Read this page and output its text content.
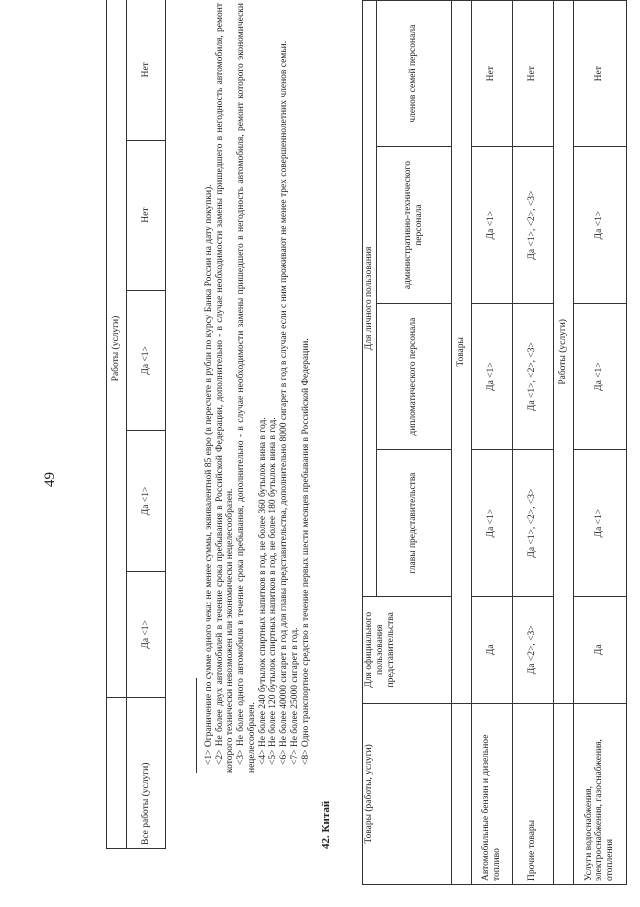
49
	Работы (услуги)				
Все работы (услуги)	Да <1>	Да <1>	Да <1>	Нет	Нет

<1> Ограничение по сумме одного чека: не менее суммы, эквивалентной 85 евро (в пересчете в рубли по курсу Банка России на дату покупки). <2> Не более двух автомобилей в течение срока пребывания в Российской Федерации, дополнительно - в случае необходимости замены пришедшего в негодность автомобиля, ремонт которого технически невозможен или экономически нецелесообразен. <3> Не более одного автомобиля в течение срока пребывания, дополнительно - в случае необходимости замены пришедшего в негодность автомобиля, ремонт которого экономически нецелесообразен. <4> Не более 240 бутылок спиртных напитков в год, не более 360 бутылок вина в год. <5> Не более 120 бутылок спиртных напитков в год, не более 180 бутылок вина в год. <6> Не более 40000 сигарет в год для главы представительства, дополнительно 8000 сигарет в год в случае если с ним проживают не менее трех совершеннолетних членов семьи. <7> Не более 25000 сигарет в год. <8> Одно транспортное средство в течение первых шести месяцев пребывания в Российской Федерации.

42. Китай	Товары (работы, услуги)	Для официального пользования представительства	Для личного пользования			
		главы представительства	дипломатического персонала	административно-технического персонала	членов семей персонала
	Товары				
Автомобильные бензин и дизельное топливо	Да	Да <1>	Да <1>	Да <1>	Нет
Прочие товары	Да <2>, <3>	Да <1>, <2>, <3>	Да <1>, <2>, <3>	Да <1>, <2>, <3>	Нет
	Работы (услуги)				
Услуги водоснабжения, электроснабжения, газоснабжения, отопления	Да	Да <1>	Да <1>	Да <1>	Нет
